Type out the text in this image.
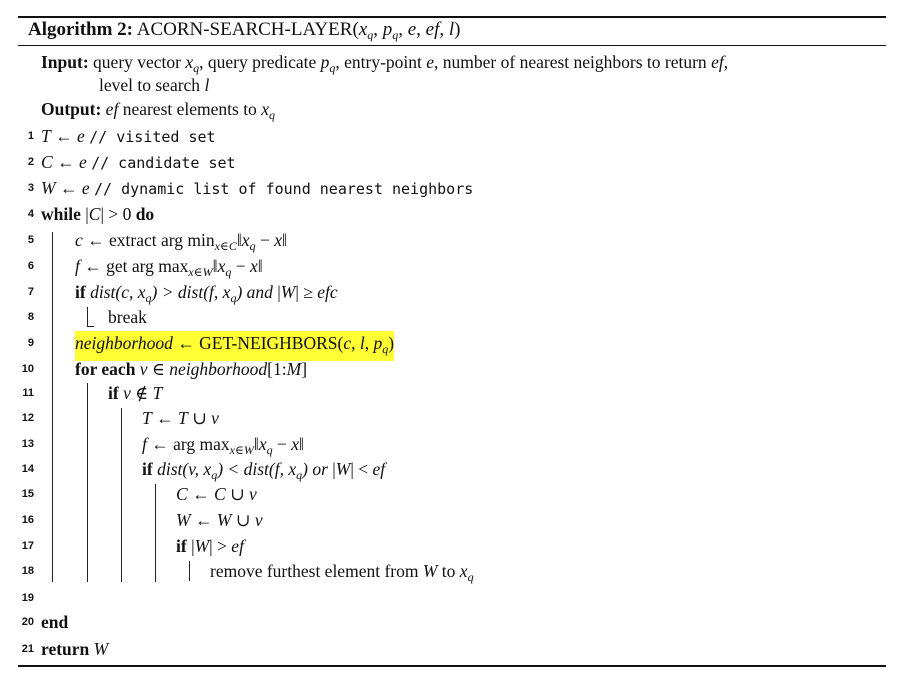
Algorithm 2: ACORN-$SEARCH-LAYER(x_q$, $p_q$, e, ef, l)
Input: query vector $x_q$, query predicate $p_q$, entry-point e, number of nearest neighbors to return ef,
level to search l
Output: ef nearest elements to $x_q$
1 T ← e // visited set
2 C ← e // candidate set
3 W ← e // dynamic list of found nearest neighbors
4 while |C| > 0 do
5 c ← extract arg $\min_{x\in C}‖x_q$ − x‖
6 f ← get arg $\max_{x\in W}‖x_q$ − x‖
7 if dist(c, $x_q$) > dist(f, $x_q$) and |W| ≥ efc
8	break
9 neighborhood ← GET-NEIGHBORS(c, l, $p_q$)
10 for each v ∈ neighborhood[1:M]
11	if v ∉ T
12	T ← T ∪ v
13	f ← arg $\max_{x\in W}‖x_q$ − x‖
14	if dist(v, $x_q$) < dist(f, $x_q$) or |W| < ef
15	C ← C ∪ v
16	W ← W ∪ v
17	if |W| > ef
18	remove furthest element from W to $x_q$
19
20 end
21 return W
